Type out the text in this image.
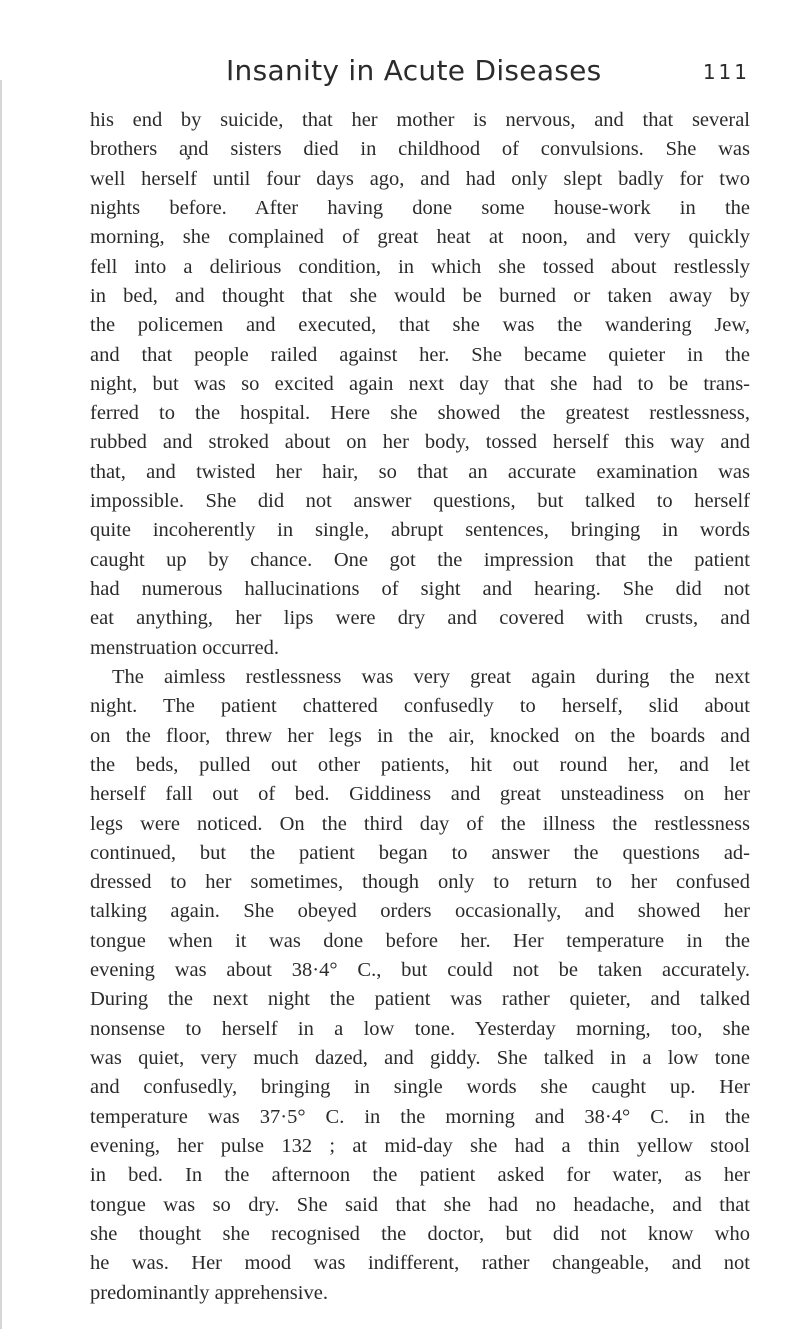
Insanity in Acute Diseases	111
his end by suicide, that her mother is nervous, and that several
brothers a̧nd sisters died in childhood of convulsions. She was
well herself until four days ago, and had only slept badly for two
nights before. After having done some house-work in the
morning, she complained of great heat at noon, and very quickly
fell into a delirious condition, in which she tossed about restlessly
in bed, and thought that she would be burned or taken away by
the policemen and executed, that she was the wandering Jew,
and that people railed against her. She became quieter in the
night, but was so excited again next day that she had to be trans-
ferred to the hospital. Here she showed the greatest restlessness,
rubbed and stroked about on her body, tossed herself this way and
that, and twisted her hair, so that an accurate examination was
impossible. She did not answer questions, but talked to herself
quite incoherently in single, abrupt sentences, bringing in words
caught up by chance. One got the impression that the patient
had numerous hallucinations of sight and hearing. She did not
eat anything, her lips were dry and covered with crusts, and
menstruation occurred.
The aimless restlessness was very great again during the next
night. The patient chattered confusedly to herself, slid about
on the floor, threw her legs in the air, knocked on the boards and
the beds, pulled out other patients, hit out round her, and let
herself fall out of bed. Giddiness and great unsteadiness on her
legs were noticed. On the third day of the illness the restlessness
continued, but the patient began to answer the questions ad-
dressed to her sometimes, though only to return to her confused
talking again. She obeyed orders occasionally, and showed her
tongue when it was done before her. Her temperature in the
evening was about 38·4° C., but could not be taken accurately.
During the next night the patient was rather quieter, and talked
nonsense to herself in a low tone. Yesterday morning, too, she
was quiet, very much dazed, and giddy. She talked in a low tone
and confusedly, bringing in single words she caught up. Her
temperature was 37·5° C. in the morning and 38·4° C. in the
evening, her pulse 132 ; at mid-day she had a thin yellow stool
in bed. In the afternoon the patient asked for water, as her
tongue was so dry. She said that she had no headache, and that
she thought she recognised the doctor, but did not know who
he was. Her mood was indifferent, rather changeable, and not
predominantly apprehensive.
